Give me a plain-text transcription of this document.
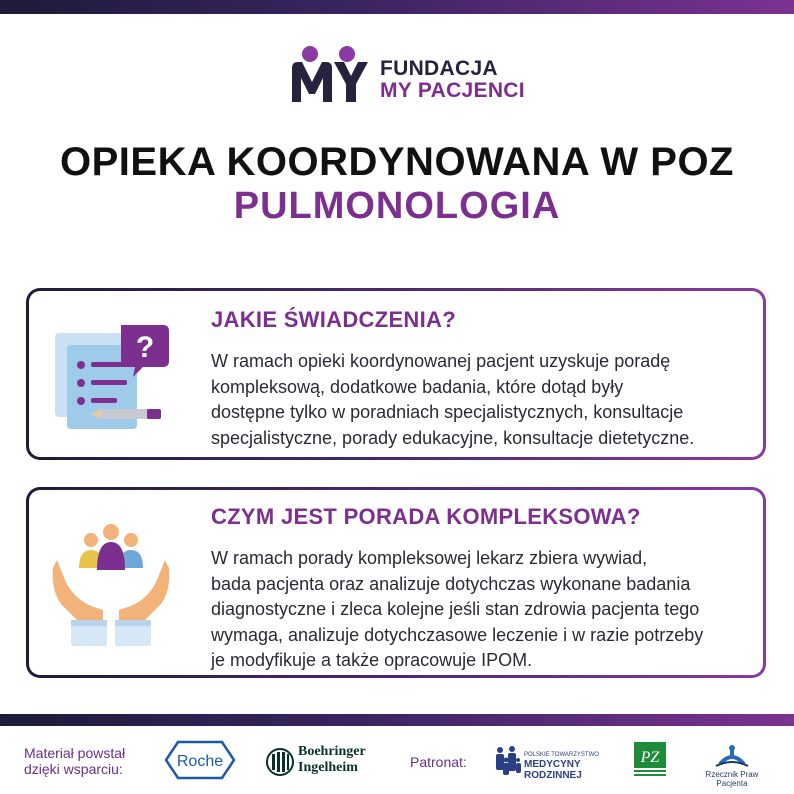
FUNDACJA
MY PACJENCI
OPIEKA KOORDYNOWANA W POZ
PULMONOLOGIA
?
JAKIE ŚWIADCZENIA?
W ramach opieki koordynowanej pacjent uzyskuje poradę
kompleksową, dodatkowe badania, które dotąd były
dostępne tylko w poradniach specjalistycznych, konsultacje
specjalistyczne, porady edukacyjne, konsultacje dietetyczne.
CZYM JEST PORADA KOMPLEKSOWA?
W ramach porady kompleksowej lekarz zbiera wywiad,
bada pacjenta oraz analizuje dotychczas wykonane badania
diagnostyczne i zleca kolejne jeśli stan zdrowia pacjenta tego
wymaga, analizuje dotychczasowe leczenie i w razie potrzeby
je modyfikuje a także opracowuje IPOM.
Materiał powstał
dzięki wsparciu:	Roche
Boehringer
Ingelheim	Patronat:	POLSKIE TOWARZYSTWO
MEDYCYNY RODZINNEJ
PZ
Rzecznik Praw Pacjenta
